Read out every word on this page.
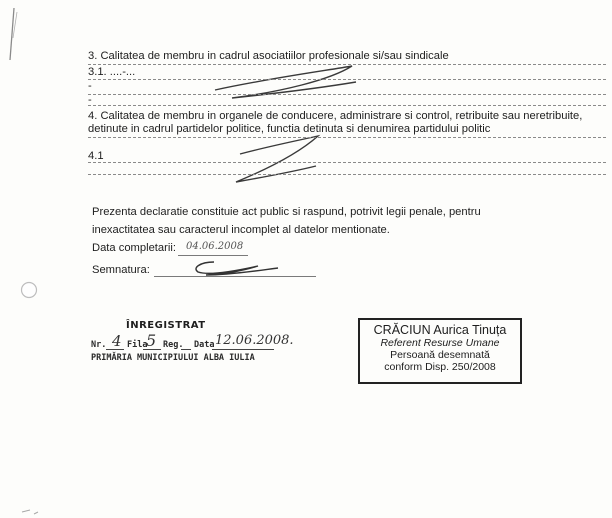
3. Calitatea de membru in cadrul asociatiilor profesionale si/sau sindicale
3.1. ....-...
-
-
4. Calitatea de membru in organele de conducere, administrare si control, retribuite sau neretribuite,
detinute in cadrul partidelor politice, functia detinuta si denumirea partidului politic
4.1
Prezenta declaratie constituie act public si raspund, potrivit legii penale, pentru
inexactitatea sau caracterul incomplet al datelor mentionate.
Data completarii: 04.06.2008
Semnatura:
ÎNREGISTRAT
Nr. 4 Fila
5 Reg. Data 12.06.2008.
PRIMĂRIA MUNICIPIULUI ALBA IULIA
CRĂCIUN Aurica Tinuța
Referent Resurse Umane
Persoană desemnată
conform Disp. 250/2008
